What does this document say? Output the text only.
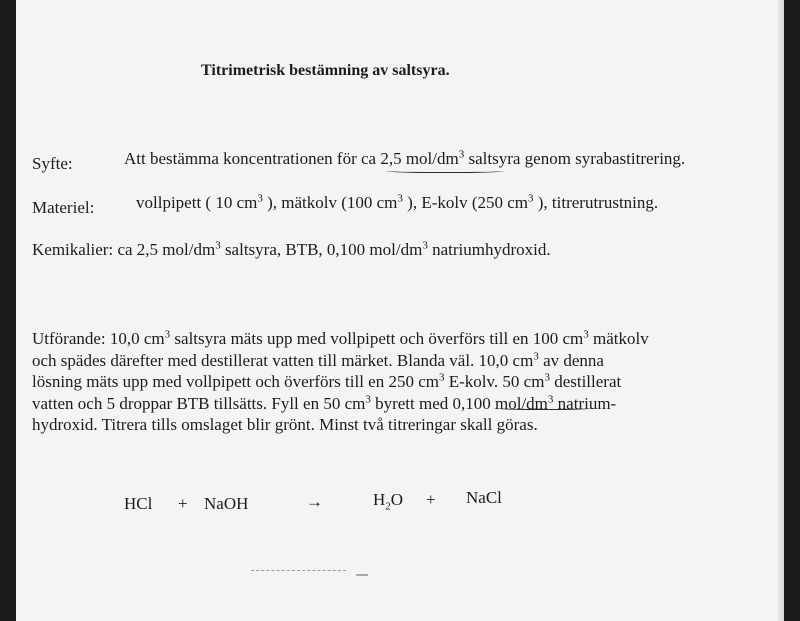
Titrimetrisk bestämning av saltsyra.
Syfte:	Att bestämma koncentrationen för ca 2,5 mol/$dm^3$ saltsyra genom syrabastitrering.
Materiel: vollpipett ( 10 $cm^3$ ), mätkolv (100 $cm^3$ ), E-kolv (250 $cm^3$ ), titrerutrustning.
Kemikalier: ca 2,5 mol/$dm^3$ saltsyra, BTB, 0,100 mol/$dm^3$ natriumhydroxid.
Utförande: 10,0 $cm^3$ saltsyra mäts upp med vollpipett och överförs till en 100 $cm^3$ mätkolv
och spädes därefter med destillerat vatten till märket. Blanda väl. 10,0 $cm^3$ av denna
lösning mäts upp med vollpipett och överförs till en 250 $cm^3$ E-kolv. 50 $cm^3$ destillerat
vatten och 5 droppar BTB tillsätts. Fyll en 50 $cm^3$ byrett med 0,100 mol/$dm^3$ natrium-
hydroxid. Titrera tills omslaget blir grönt. Minst två titreringar skall göras.
HCl + NaOH	→	$H_2O$ + NaCl
